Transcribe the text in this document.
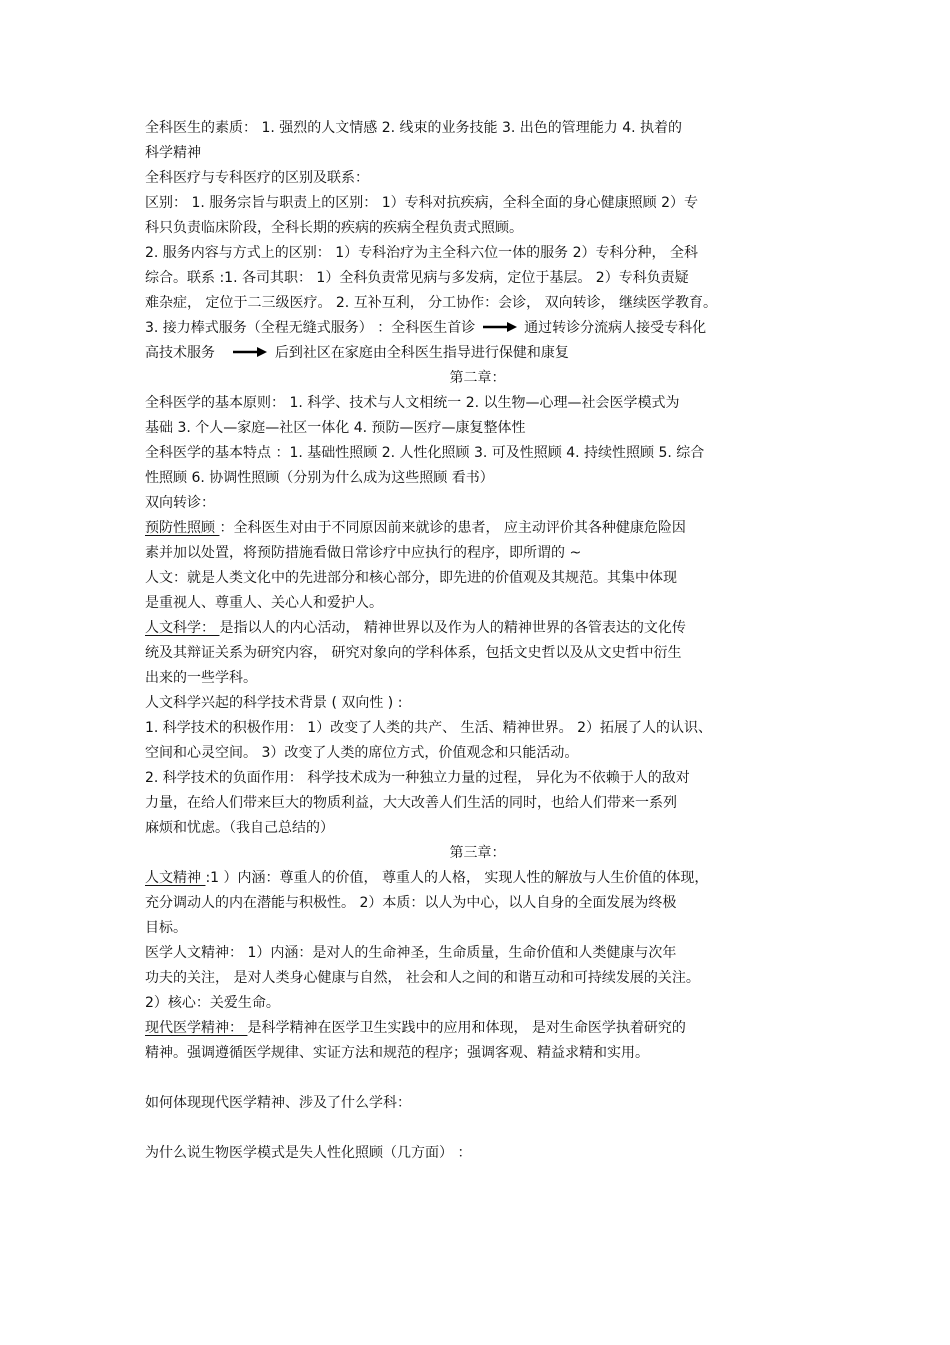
全科医生的素质： 1. 强烈的人文情感 2. 线束的业务技能 3. 出色的管理能力 4. 执着的
科学精神
全科医疗与专科医疗的区别及联系：
区别： 1. 服务宗旨与职责上的区别： 1）专科对抗疾病，全科全面的身心健康照顾 2）专
科只负责临床阶段，全科长期的疾病的疾病全程负责式照顾。
2. 服务内容与方式上的区别： 1）专科治疗为主全科六位一体的服务 2）专科分种， 全科
综合。联系 :1. 各司其职： 1）全科负责常见病与多发病，定位于基层。 2）专科负责疑
难杂症， 定位于二三级医疗。 2. 互补互利， 分工协作：会诊， 双向转诊， 继续医学教育。
3. 接力棒式服务（全程无缝式服务） ：全科医生首诊	通过转诊分流病人接受专科化
高技术服务	后到社区在家庭由全科医生指导进行保健和康复
第二章：
全科医学的基本原则： 1. 科学、技术与人文相统一 2. 以生物—心理—社会医学模式为
基础 3. 个人—家庭—社区一体化 4. 预防—医疗—康复整体性
全科医学的基本特点 ：1. 基础性照顾 2. 人性化照顾 3. 可及性照顾 4. 持续性照顾 5. 综合
性照顾 6. 协调性照顾（分别为什么成为这些照顾 看书）
双向转诊：
预防性照顾 ：全科医生对由于不同原因前来就诊的患者， 应主动评价其各种健康危险因
素并加以处置，将预防措施看做日常诊疗中应执行的程序，即所谓的 ~
人文：就是人类文化中的先进部分和核心部分，即先进的价值观及其规范。其集中体现
是重视人、尊重人、关心人和爱护人。
人文科学： 是指以人的内心活动， 精神世界以及作为人的精神世界的各管表达的文化传
统及其辩证关系为研究内容， 研究对象向的学科体系，包括文史哲以及从文史哲中衍生
出来的一些学科。
人文科学兴起的科学技术背景 ( 双向性 ) :
1. 科学技术的积极作用： 1）改变了人类的共产、 生活、精神世界。 2）拓展了人的认识、
空间和心灵空间。 3）改变了人类的席位方式，价值观念和只能活动。
2. 科学技术的负面作用： 科学技术成为一种独立力量的过程， 异化为不依赖于人的敌对
力量，在给人们带来巨大的物质利益，大大改善人们生活的同时，也给人们带来一系列
麻烦和忧虑。（我自己总结的）
第三章：
人文精神 :1 ）内涵：尊重人的价值， 尊重人的人格， 实现人性的解放与人生价值的体现，
充分调动人的内在潜能与积极性。 2）本质：以人为中心，以人自身的全面发展为终极
目标。
医学人文精神： 1）内涵：是对人的生命神圣，生命质量，生命价值和人类健康与次年
功夫的关注， 是对人类身心健康与自然， 社会和人之间的和谐互动和可持续发展的关注。
2）核心：关爱生命。
现代医学精神： 是科学精神在医学卫生实践中的应用和体现， 是对生命医学执着研究的
精神。强调遵循医学规律、实证方法和规范的程序；强调客观、精益求精和实用。
如何体现现代医学精神、涉及了什么学科：
为什么说生物医学模式是失人性化照顾（几方面） ：
